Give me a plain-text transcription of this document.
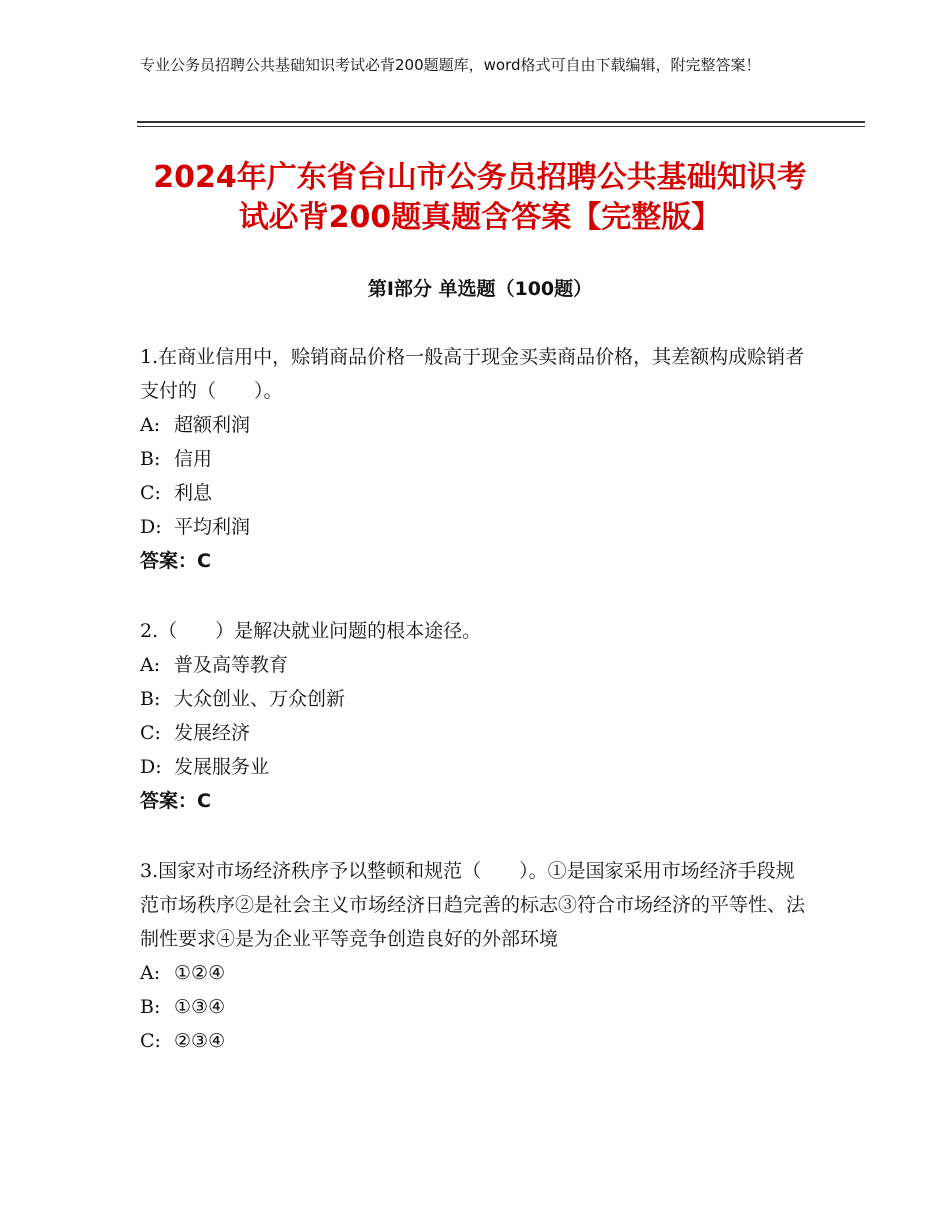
专业公务员招聘公共基础知识考试必背200题题库，word格式可自由下载编辑，附完整答案！
2024年广东省台山市公务员招聘公共基础知识考试必背200题真题含答案【完整版】
第Ⅰ部分 单选题（100题）
1.在商业信用中，赊销商品价格一般高于现金买卖商品价格，其差额构成赊销者支付的（　　）。
A: 超额利润
B: 信用
C: 利息
D: 平均利润
答案：C
2.（　　）是解决就业问题的根本途径。
A: 普及高等教育
B: 大众创业、万众创新
C: 发展经济
D: 发展服务业
答案：C
3.国家对市场经济秩序予以整顿和规范（　　）。①是国家采用市场经济手段规范市场秩序②是社会主义市场经济日趋完善的标志③符合市场经济的平等性、法制性要求④是为企业平等竞争创造良好的外部环境
A: ①②④
B: ①③④
C: ②③④
